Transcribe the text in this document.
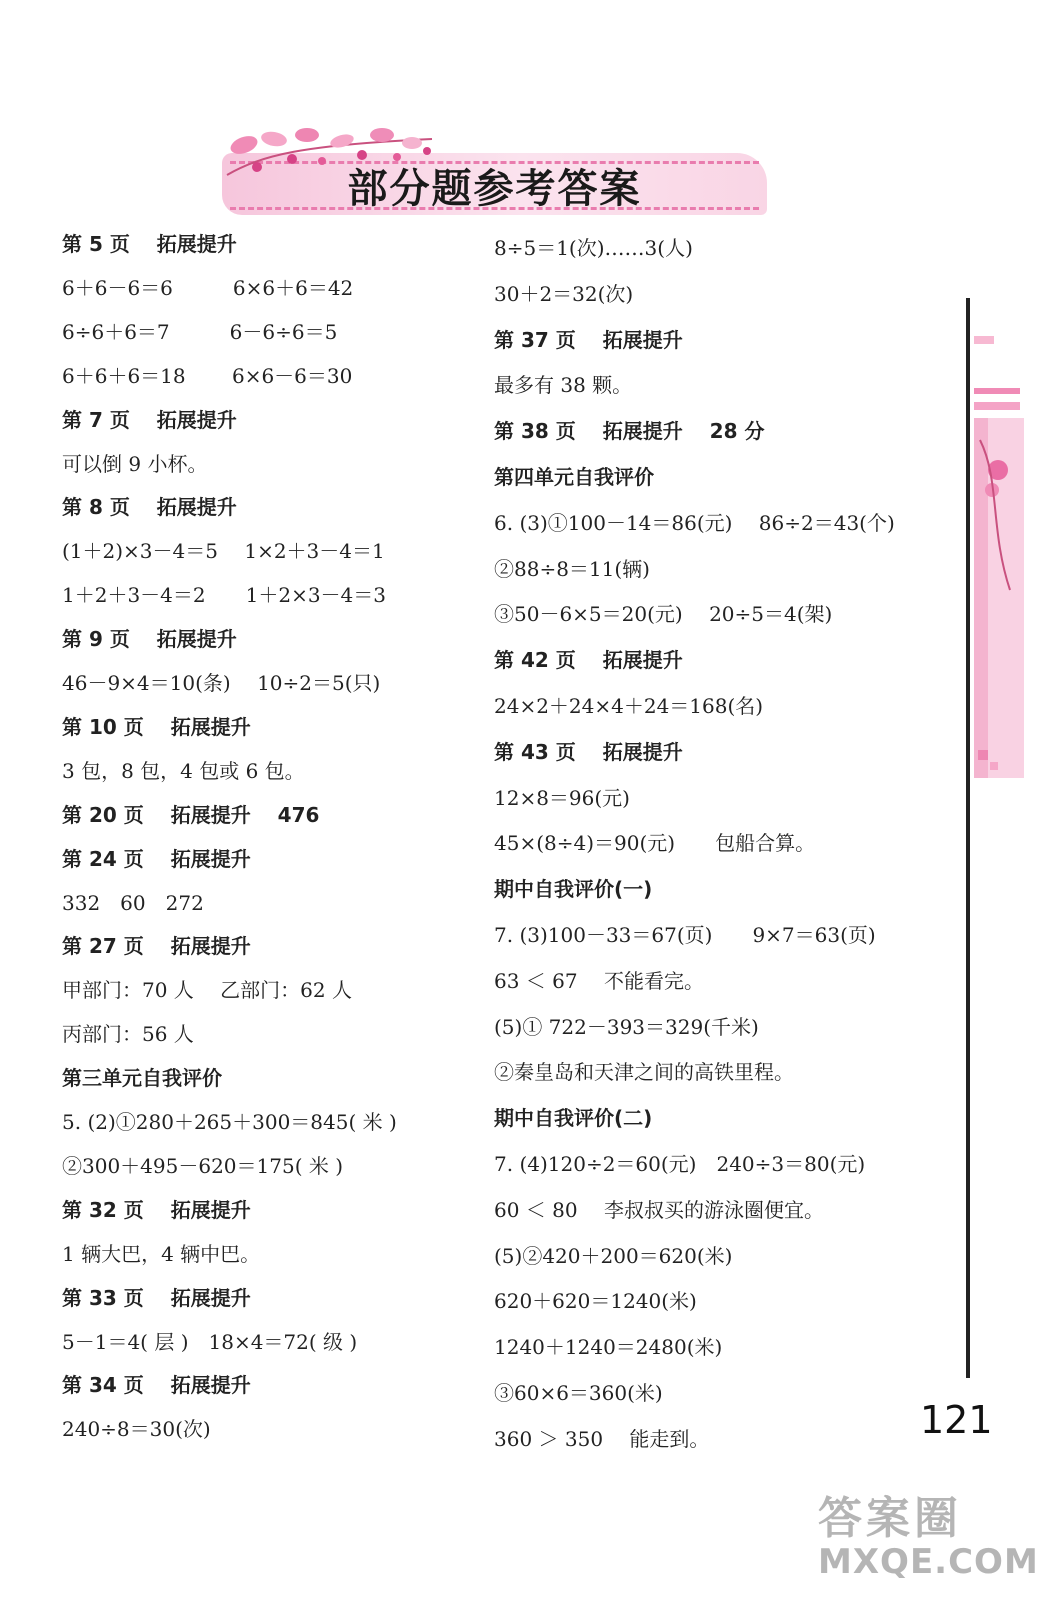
部分题参考答案
第 5 页　 拓展提升
6＋6－6＝6　　　6×6＋6＝42
6÷6＋6＝7　　　6－6÷6＝5
6＋6＋6＝18　　 6×6－6＝30
第 7 页　 拓展提升
可以倒 9 小杯。
第 8 页　 拓展提升
(1＋2)×3－4＝5　 1×2＋3－4＝1
1＋2＋3－4＝2　　1＋2×3－4＝3
第 9 页　 拓展提升
46－9×4＝10(条)　 10÷2＝5(只)
第 10 页　 拓展提升
3 包，8 包，4 包或 6 包。
第 20 页　 拓展提升　 476
第 24 页　 拓展提升
332　60　272
第 27 页　 拓展提升
甲部门：70 人　 乙部门：62 人
丙部门：56 人
第三单元自我评价
5. (2)①280＋265＋300＝845( 米 )
②300＋495－620＝175( 米 )
第 32 页　 拓展提升
1 辆大巴，4 辆中巴。
第 33 页　 拓展提升
5－1＝4( 层 )　18×4＝72( 级 )
第 34 页　 拓展提升
240÷8＝30(次)
8÷5＝1(次)……3(人)
30＋2＝32(次)
第 37 页　 拓展提升
最多有 38 颗。
第 38 页　 拓展提升　 28 分
第四单元自我评价
6. (3)①100－14＝86(元)　 86÷2＝43(个)
②88÷8＝11(辆)
③50－6×5＝20(元)　 20÷5＝4(架)
第 42 页　 拓展提升
24×2＋24×4＋24＝168(名)
第 43 页　 拓展提升
12×8＝96(元)
45×(8÷4)＝90(元)　　包船合算。
期中自我评价(一)
7. (3)100－33＝67(页)　　9×7＝63(页)
63 ＜ 67　 不能看完。
(5)① 722－393＝329(千米)
②秦皇岛和天津之间的高铁里程。
期中自我评价(二)
7. (4)120÷2＝60(元)　240÷3＝80(元)
60 ＜ 80　 李叔叔买的游泳圈便宜。
(5)②420＋200＝620(米)
620＋620＝1240(米)
1240＋1240＝2480(米)
③60×6＝360(米)
360 ＞ 350　 能走到。	121
答案圈
MXQE.COM
